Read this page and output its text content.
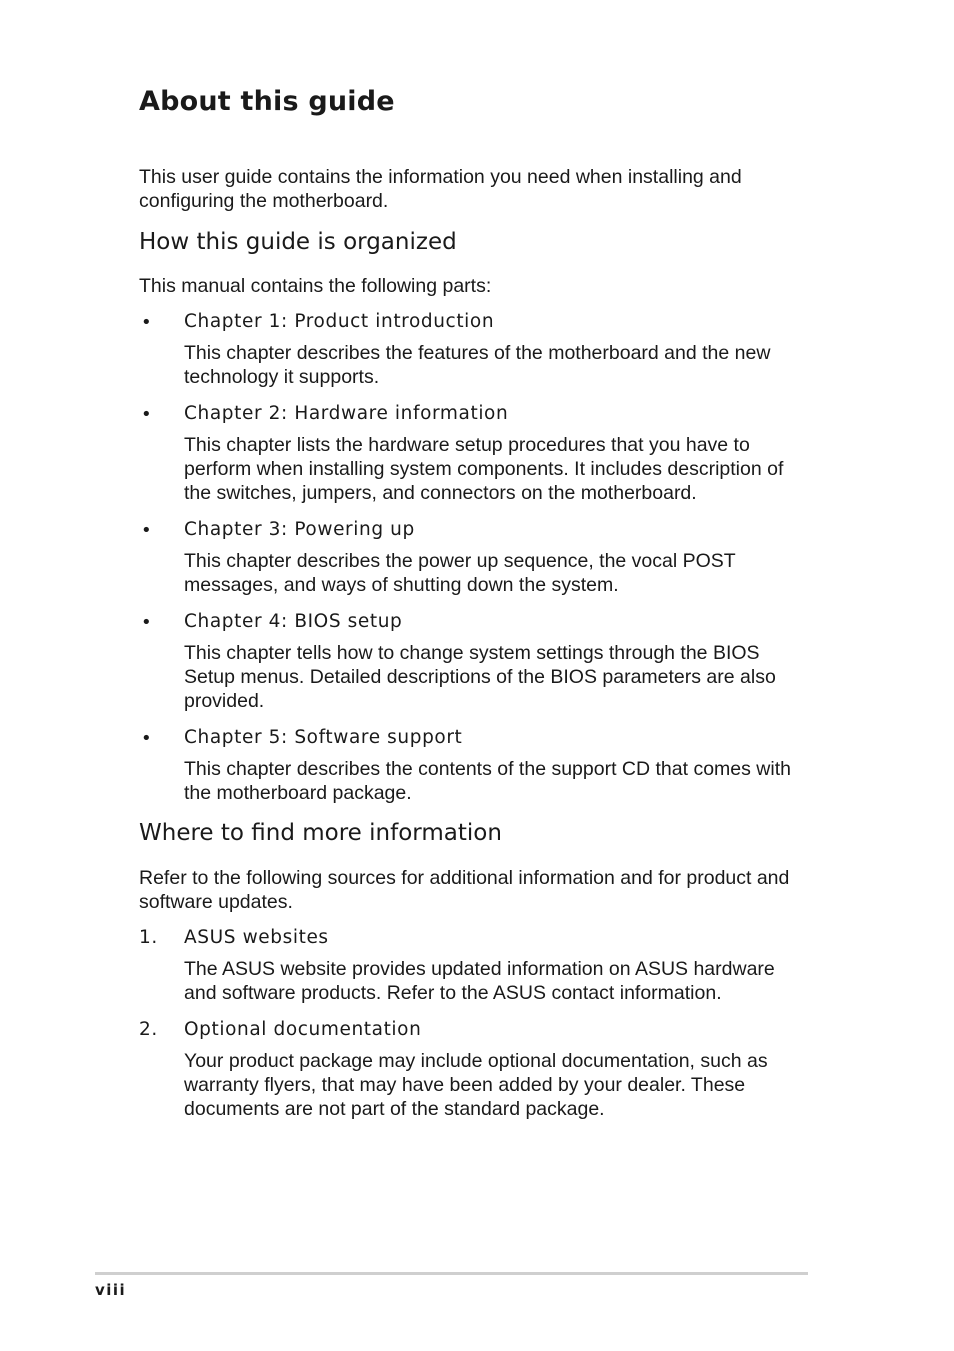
About this guide

This user guide contains the information you need when installing and configuring the motherboard.

How this guide is organized

This manual contains the following parts:

• Chapter 1: Product introduction

This chapter describes the features of the motherboard and the new technology it supports.

• Chapter 2: Hardware information

This chapter lists the hardware setup procedures that you have to perform when installing system components. It includes description of the switches, jumpers, and connectors on the motherboard.

• Chapter 3: Powering up

This chapter describes the power up sequence, the vocal POST messages, and ways of shutting down the system.

• Chapter 4: BIOS setup

This chapter tells how to change system settings through the BIOS Setup menus. Detailed descriptions of the BIOS parameters are also provided.

• Chapter 5: Software support

This chapter describes the contents of the support CD that comes with the motherboard package.

Where to find more information

Refer to the following sources for additional information and for product and software updates.

1. ASUS websites

The ASUS website provides updated information on ASUS hardware and software products. Refer to the ASUS contact information.

2. Optional documentation

Your product package may include optional documentation, such as warranty flyers, that may have been added by your dealer. These documents are not part of the standard package.

viii
